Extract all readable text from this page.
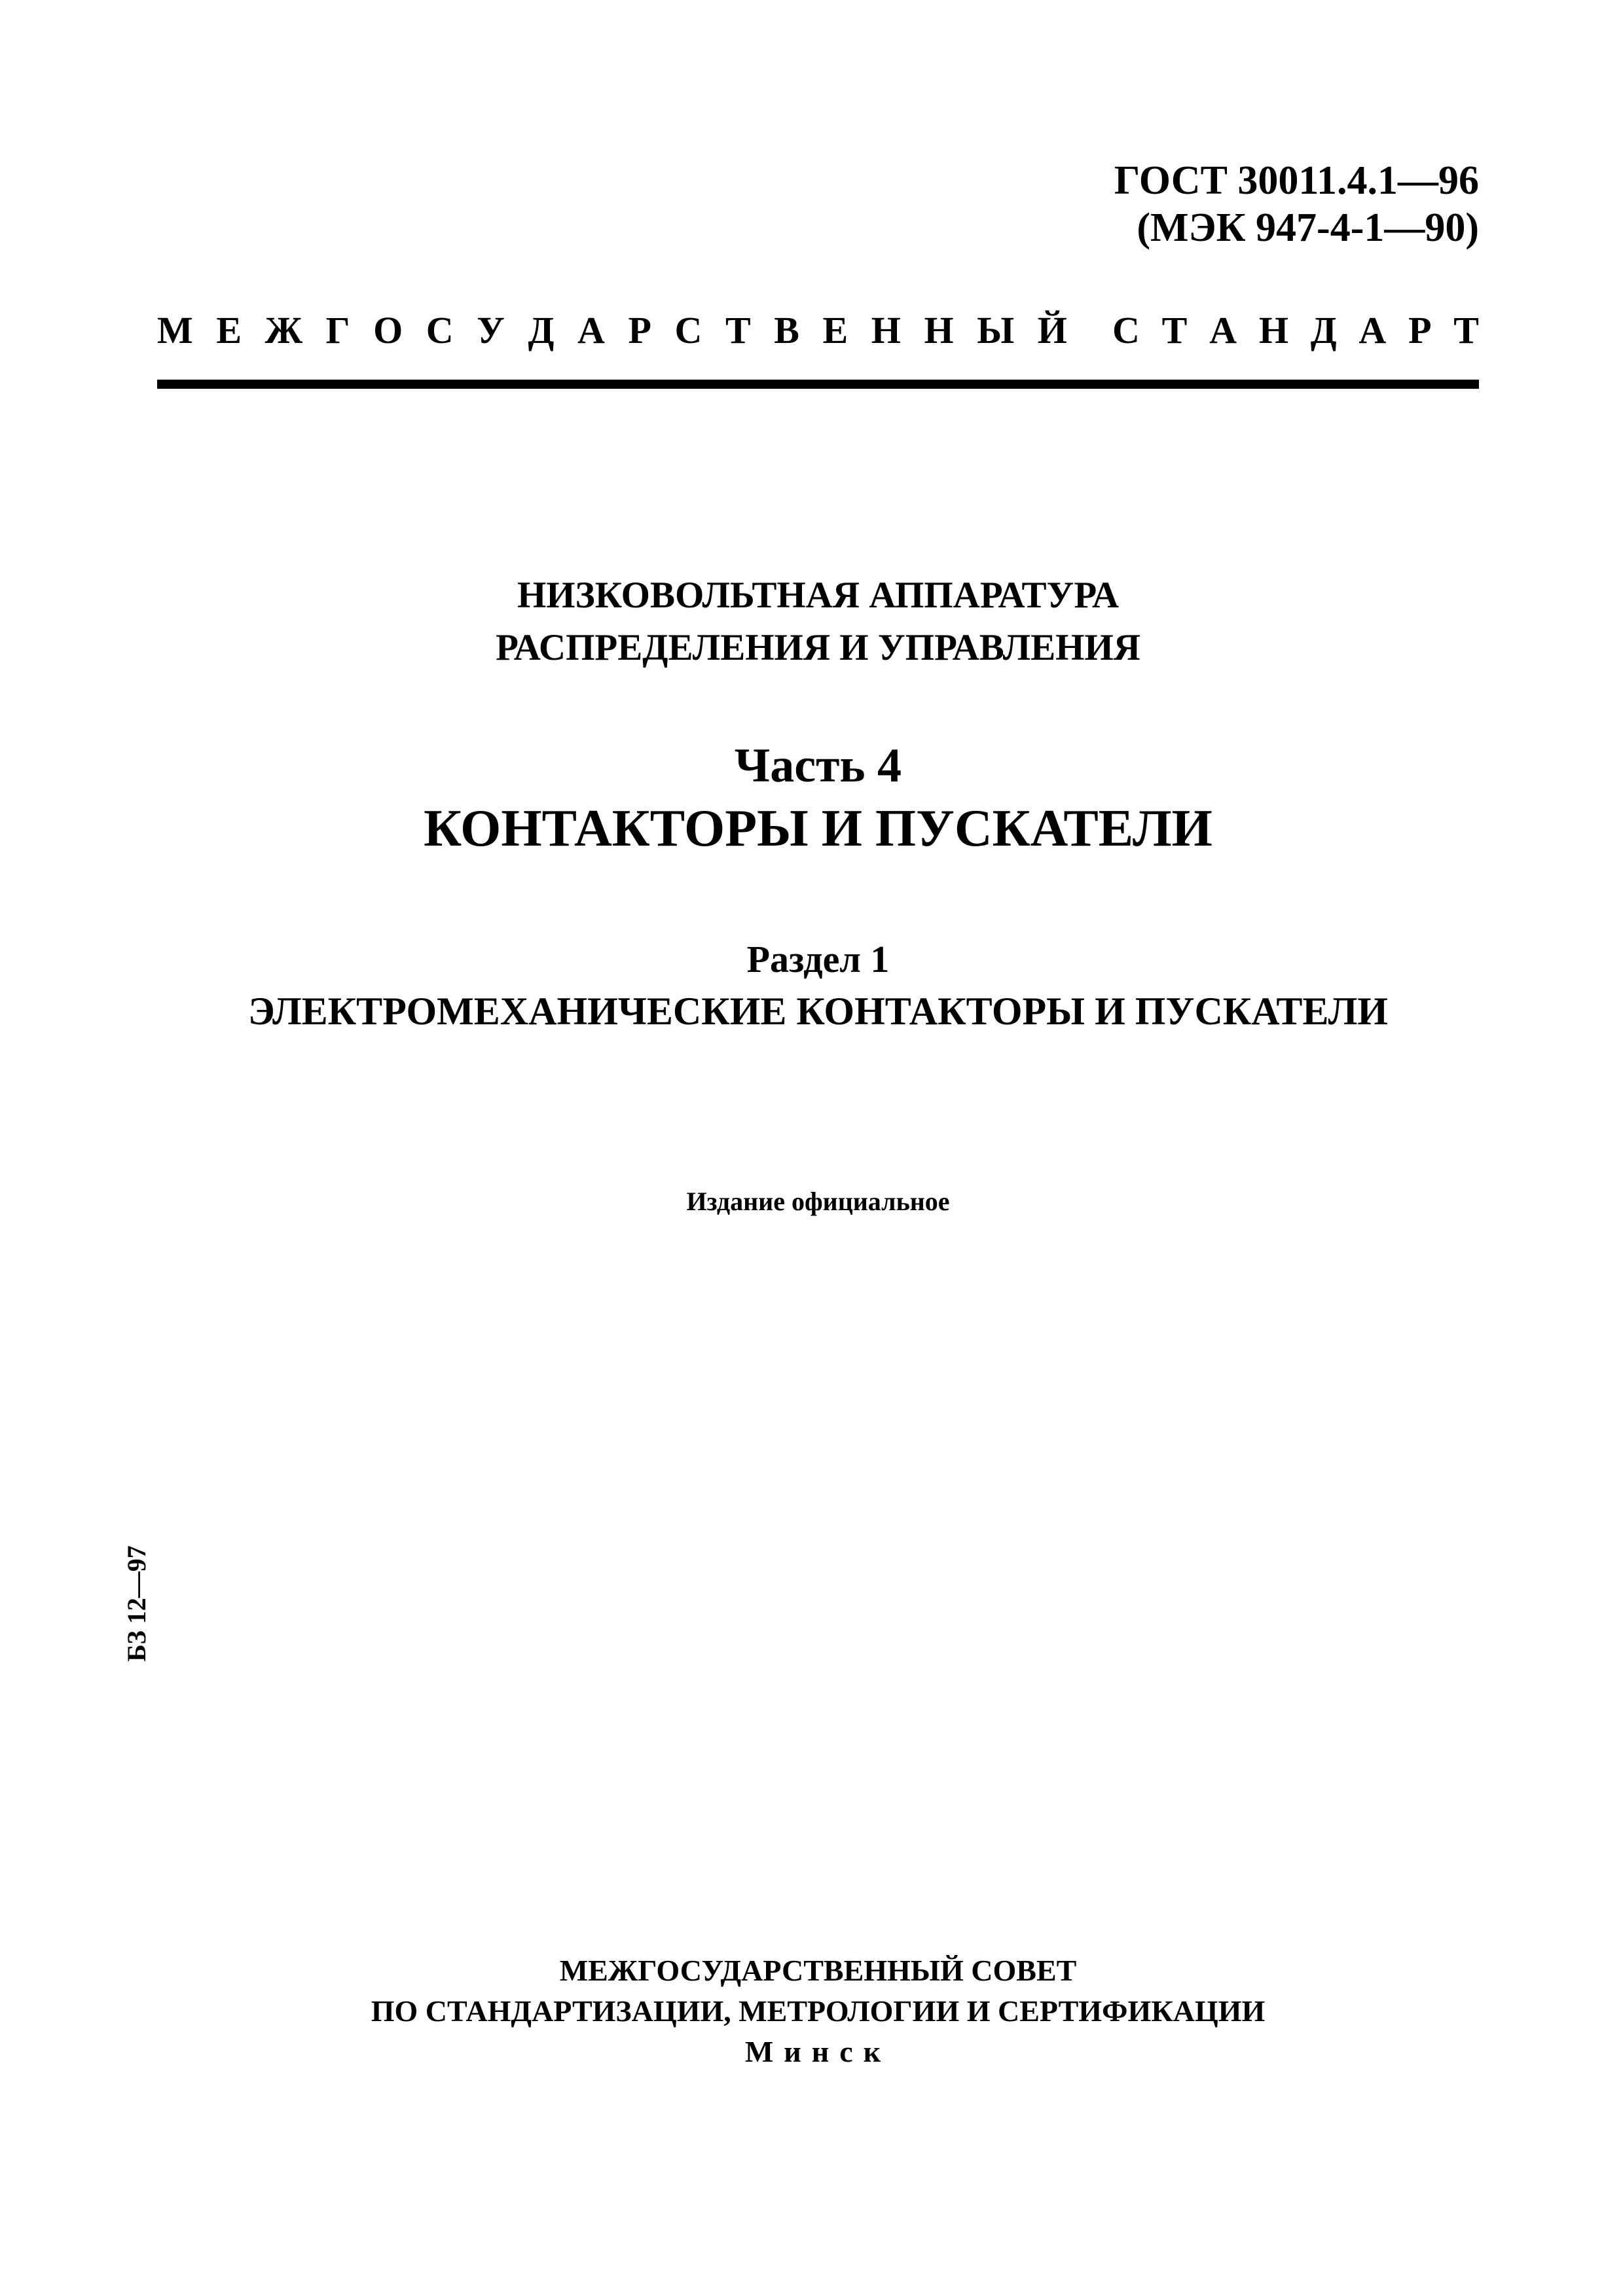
ГОСТ 30011.4.1—96
(МЭК 947-4-1—90)
М Е Ж Г О С У Д А Р С Т В Е Н Н Ы Й С Т А Н Д А Р Т
НИЗКОВОЛЬТНАЯ АППАРАТУРА
РАСПРЕДЕЛЕНИЯ И УПРАВЛЕНИЯ
Часть 4
КОНТАКТОРЫ И ПУСКАТЕЛИ
Раздел 1
ЭЛЕКТРОМЕХАНИЧЕСКИЕ КОНТАКТОРЫ И ПУСКАТЕЛИ
Издание официальное
БЗ 12—97
МЕЖГОСУДАРСТВЕННЫЙ СОВЕТ
ПО СТАНДАРТИЗАЦИИ, МЕТРОЛОГИИ И СЕРТИФИКАЦИИ
Минск
